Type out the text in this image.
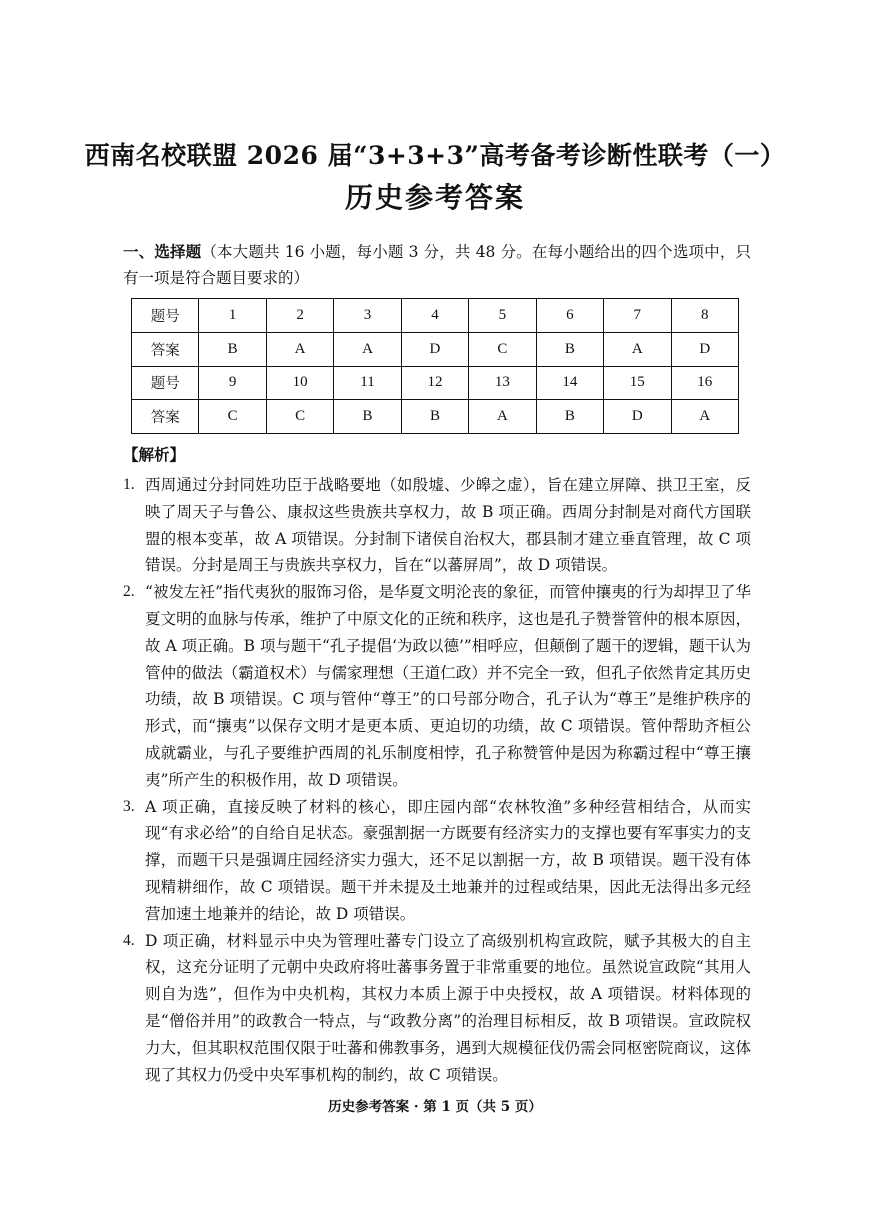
西南名校联盟 2026 届“3+3+3”高考备考诊断性联考（一）
历史参考答案
一、选择题（本大题共 16 小题，每小题 3 分，共 48 分。在每小题给出的四个选项中，只有一项是符合题目要求的）
题号	1	2	3	4	5	6	7	8
答案	B	A	A	D	C	B	A	D
题号	9	10	11	12	13	14	15	16
答案	C	C	B	B	A	B	D	A
【解析】
1. 西周通过分封同姓功臣于战略要地（如殷墟、少皞之虚），旨在建立屏障、拱卫王室，反映了周天子与鲁公、康叔这些贵族共享权力，故 B 项正确。西周分封制是对商代方国联盟的根本变革，故 A 项错误。分封制下诸侯自治权大，郡县制才建立垂直管理，故 C 项错误。分封是周王与贵族共享权力，旨在“以蕃屏周”，故 D 项错误。
2. “被发左衽”指代夷狄的服饰习俗，是华夏文明沦丧的象征，而管仲攘夷的行为却捍卫了华夏文明的血脉与传承，维护了中原文化的正统和秩序，这也是孔子赞誉管仲的根本原因，故 A 项正确。B 项与题干“孔子提倡‘为政以德’”相呼应，但颠倒了题干的逻辑，题干认为管仲的做法（霸道权术）与儒家理想（王道仁政）并不完全一致，但孔子依然肯定其历史功绩，故 B 项错误。C 项与管仲“尊王”的口号部分吻合，孔子认为“尊王”是维护秩序的形式，而“攘夷”以保存文明才是更本质、更迫切的功绩，故 C 项错误。管仲帮助齐桓公成就霸业，与孔子要维护西周的礼乐制度相悖，孔子称赞管仲是因为称霸过程中“尊王攘夷”所产生的积极作用，故 D 项错误。
3. A 项正确，直接反映了材料的核心，即庄园内部“农林牧渔”多种经营相结合，从而实现“有求必给”的自给自足状态。豪强割据一方既要有经济实力的支撑也要有军事实力的支撑，而题干只是强调庄园经济实力强大，还不足以割据一方，故 B 项错误。题干没有体现精耕细作，故 C 项错误。题干并未提及土地兼并的过程或结果，因此无法得出多元经营加速土地兼并的结论，故 D 项错误。
4. D 项正确，材料显示中央为管理吐蕃专门设立了高级别机构宣政院，赋予其极大的自主权，这充分证明了元朝中央政府将吐蕃事务置于非常重要的地位。虽然说宣政院“其用人则自为选”，但作为中央机构，其权力本质上源于中央授权，故 A 项错误。材料体现的是“僧俗并用”的政教合一特点，与“政教分离”的治理目标相反，故 B 项错误。宣政院权力大，但其职权范围仅限于吐蕃和佛教事务，遇到大规模征伐仍需会同枢密院商议，这体现了其权力仍受中央军事机构的制约，故 C 项错误。
历史参考答案 · 第 1 页（共 5 页）
